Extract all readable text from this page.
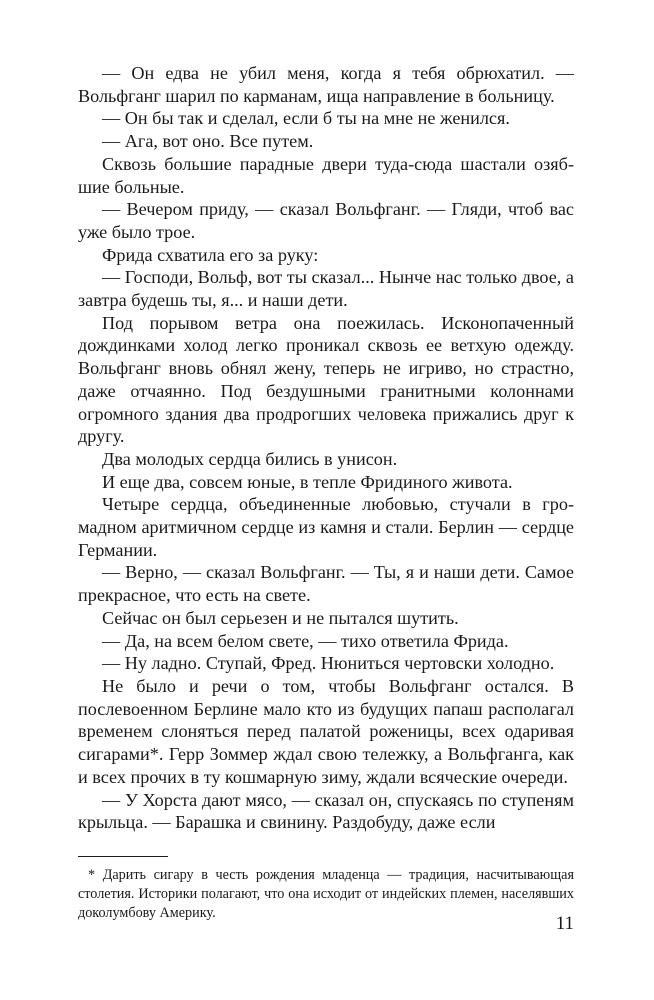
— Он едва не убил меня, когда я тебя обрюхатил. — Вольфганг шарил по карманам, ища направление в больницу.

— Он бы так и сделал, если б ты на мне не женился.

— Ага, вот оно. Все путем.

Сквозь большие парадные двери туда-сюда шастали озябшие больные.

— Вечером приду, — сказал Вольфганг. — Гляди, чтоб вас уже было трое.

Фрида схватила его за руку:

— Господи, Вольф, вот ты сказал... Нынче нас только двое, а завтра будешь ты, я... и наши дети.

Под порывом ветра она поежилась. Исконопаченный дождинками холод легко проникал сквозь ее ветхую одежду. Вольфганг вновь обнял жену, теперь не игриво, но страстно, даже отчаянно. Под бездушными гранитными колоннами огромного здания два продрогших человека прижались друг к другу.

Два молодых сердца бились в унисон.

И еще два, совсем юные, в тепле Фридиного живота.

Четыре сердца, объединенные любовью, стучали в громадном аритмичном сердце из камня и стали. Берлин — сердце Германии.

— Верно, — сказал Вольфганг. — Ты, я и наши дети. Самое прекрасное, что есть на свете.

Сейчас он был серьезен и не пытался шутить.

— Да, на всем белом свете, — тихо ответила Фрида.

— Ну ладно. Ступай, Фред. Нюниться чертовски холодно.

Не было и речи о том, чтобы Вольфганг остался. В послевоенном Берлине мало кто из будущих папаш располагал временем слоняться перед палатой роженицы, всех одаривая сигарами*. Герр Зоммер ждал свою тележку, а Вольфганга, как и всех прочих в ту кошмарную зиму, ждали всяческие очереди.

— У Хорста дают мясо, — сказал он, спускаясь по ступеням крыльца. — Барашка и свинину. Раздобуду, даже если

* Дарить сигару в честь рождения младенца — традиция, насчитывающая столетия. Историки полагают, что она исходит от индейских племен, населявших доколумбову Америку.

11
